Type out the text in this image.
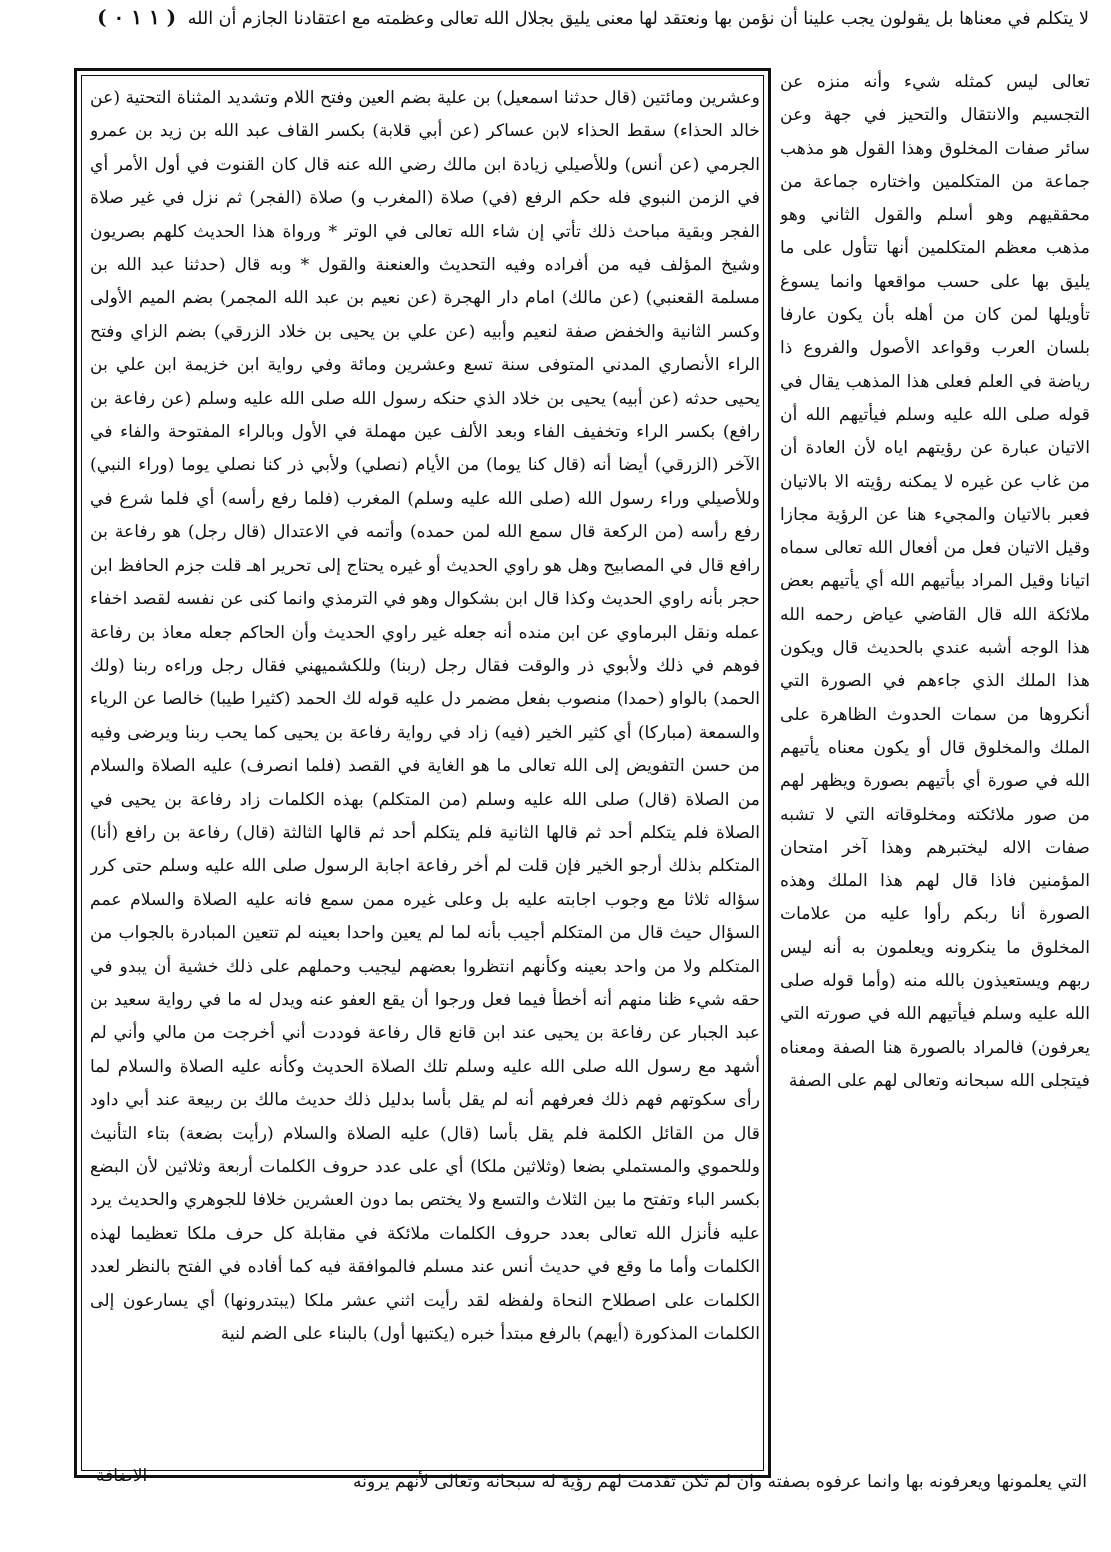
لا يتكلم في معناها بل يقولون يجب علينا أن نؤمن بها ونعتقد لها معنى يليق بجلال الله تعالى وعظمته مع اعتقادنا الجازم أن الله ( ١ ١ ٠ )

وعشرين ومائتين (قال حدثنا اسمعيل) بن علية بضم العين وفتح اللام وتشديد المثناة التحتية (عن خالد الحذاء) سقط الحذاء لابن عساكر (عن أبي قلابة) بكسر القاف عبد الله بن زيد بن عمرو الجرمي (عن أنس) وللأصيلي زيادة ابن مالك رضي الله عنه قال كان القنوت في أول الأمر أي في الزمن النبوي فله حكم الرفع (في) صلاة (المغرب و) صلاة (الفجر) ثم نزل في غير صلاة الفجر وبقية مباحث ذلك تأتي إن شاء الله تعالى في الوتر * ورواة هذا الحديث كلهم بصريون وشيخ المؤلف فيه من أفراده وفيه التحديث والعنعنة والقول * وبه قال (حدثنا عبد الله بن مسلمة القعنبي) (عن مالك) امام دار الهجرة (عن نعيم بن عبد الله المجمر) بضم الميم الأولى وكسر الثانية والخفض صفة لنعيم وأبيه (عن علي بن يحيى بن خلاد الزرقي) بضم الزاي وفتح الراء الأنصاري المدني المتوفى سنة تسع وعشرين ومائة وفي رواية ابن خزيمة ابن علي بن يحيى حدثه (عن أبيه) يحيى بن خلاد الذي حنكه رسول الله صلى الله عليه وسلم (عن رفاعة بن رافع) بكسر الراء وتخفيف الفاء وبعد الألف عين مهملة في الأول وبالراء المفتوحة والفاء في الآخر (الزرقي) أيضا أنه (قال كنا يوما) من الأيام (نصلي) ولأبي ذر كنا نصلي يوما (وراء النبي) وللأصيلي وراء رسول الله (صلى الله عليه وسلم) المغرب (فلما رفع رأسه) أي فلما شرع في رفع رأسه (من الركعة قال سمع الله لمن حمده) وأتمه في الاعتدال (قال رجل) هو رفاعة بن رافع قال في المصابيح وهل هو راوي الحديث أو غيره يحتاج إلى تحرير اهـ قلت جزم الحافظ ابن حجر بأنه راوي الحديث وكذا قال ابن بشكوال وهو في الترمذي وانما كنى عن نفسه لقصد اخفاء عمله ونقل البرماوي عن ابن منده أنه جعله غير راوي الحديث وأن الحاكم جعله معاذ بن رفاعة فوهم في ذلك ولأبوي ذر والوقت فقال رجل (ربنا) وللكشميهني فقال رجل وراءه ربنا (ولك الحمد) بالواو (حمدا) منصوب بفعل مضمر دل عليه قوله لك الحمد (كثيرا طيبا) خالصا عن الرياء والسمعة (مباركا) أي كثير الخير (فيه) زاد في رواية رفاعة بن يحيى كما يحب ربنا ويرضى وفيه من حسن التفويض إلى الله تعالى ما هو الغاية في القصد (فلما انصرف) عليه الصلاة والسلام من الصلاة (قال) صلى الله عليه وسلم (من المتكلم) بهذه الكلمات زاد رفاعة بن يحيى في الصلاة فلم يتكلم أحد ثم قالها الثانية فلم يتكلم أحد ثم قالها الثالثة (قال) رفاعة بن رافع (أنا) المتكلم بذلك أرجو الخير فإن قلت لم أخر رفاعة اجابة الرسول صلى الله عليه وسلم حتى كرر سؤاله ثلاثا مع وجوب اجابته عليه بل وعلى غيره ممن سمع فانه عليه الصلاة والسلام عمم السؤال حيث قال من المتكلم أجيب بأنه لما لم يعين واحدا بعينه لم تتعين المبادرة بالجواب من المتكلم ولا من واحد بعينه وكأنهم انتظروا بعضهم ليجيب وحملهم على ذلك خشية أن يبدو في حقه شيء ظنا منهم أنه أخطأ فيما فعل ورجوا أن يقع العفو عنه ويدل له ما في رواية سعيد بن عبد الجبار عن رفاعة بن يحيى عند ابن قانع قال رفاعة فوددت أني أخرجت من مالي وأني لم أشهد مع رسول الله صلى الله عليه وسلم تلك الصلاة الحديث وكأنه عليه الصلاة والسلام لما رأى سكوتهم فهم ذلك فعرفهم أنه لم يقل بأسا بدليل ذلك حديث مالك بن ربيعة عند أبي داود قال من القائل الكلمة فلم يقل بأسا (قال) عليه الصلاة والسلام (رأيت بضعة) بتاء التأنيث وللحموي والمستملي بضعا (وثلاثين ملكا) أي على عدد حروف الكلمات أربعة وثلاثين لأن البضع بكسر الباء وتفتح ما بين الثلاث والتسع ولا يختص بما دون العشرين خلافا للجوهري والحديث يرد عليه فأنزل الله تعالى بعدد حروف الكلمات ملائكة في مقابلة كل حرف ملكا تعظيما لهذه الكلمات وأما ما وقع في حديث أنس عند مسلم فالموافقة فيه كما أفاده في الفتح بالنظر لعدد الكلمات على اصطلاح النحاة ولفظه لقد رأيت اثني عشر ملكا (يبتدرونها) أي يسارعون إلى الكلمات المذكورة (أيهم) بالرفع مبتدأ خبره (يكتبها أول) بالبناء على الضم لنية

تعالى ليس كمثله شيء وأنه منزه عن التجسيم والانتقال والتحيز في جهة وعن سائر صفات المخلوق وهذا القول هو مذهب جماعة من المتكلمين واختاره جماعة من محققيهم وهو أسلم والقول الثاني وهو مذهب معظم المتكلمين أنها تتأول على ما يليق بها على حسب مواقعها وانما يسوغ تأويلها لمن كان من أهله بأن يكون عارفا بلسان العرب وقواعد الأصول والفروع ذا رياضة في العلم فعلى هذا المذهب يقال في قوله صلى الله عليه وسلم فيأتيهم الله أن الاتيان عبارة عن رؤيتهم اياه لأن العادة أن من غاب عن غيره لا يمكنه رؤيته الا بالاتيان فعبر بالاتيان والمجيء هنا عن الرؤية مجازا وقيل الاتيان فعل من أفعال الله تعالى سماه اتيانا وقيل المراد بيأتيهم الله أي يأتيهم بعض ملائكة الله قال القاضي عياض رحمه الله هذا الوجه أشبه عندي بالحديث قال ويكون هذا الملك الذي جاءهم في الصورة التي أنكروها من سمات الحدوث الظاهرة على الملك والمخلوق قال أو يكون معناه يأتيهم الله في صورة أي بأتيهم بصورة ويظهر لهم من صور ملائكته ومخلوقاته التي لا تشبه صفات الاله ليختبرهم وهذا آخر امتحان المؤمنين فاذا قال لهم هذا الملك وهذه الصورة أنا ربكم رأوا عليه من علامات المخلوق ما ينكرونه ويعلمون به أنه ليس ربهم ويستعيذون بالله منه (وأما قوله صلى الله عليه وسلم فيأتيهم الله في صورته التي يعرفون) فالمراد بالصورة هنا الصفة ومعناه فيتجلى الله سبحانه وتعالى لهم على الصفة

الاضافة	التي يعلمونها ويعرفونه بها وانما عرفوه بصفته وان لم تكن تقدمت لهم رؤية له سبحانه وتعالى لأنهم يرونه
